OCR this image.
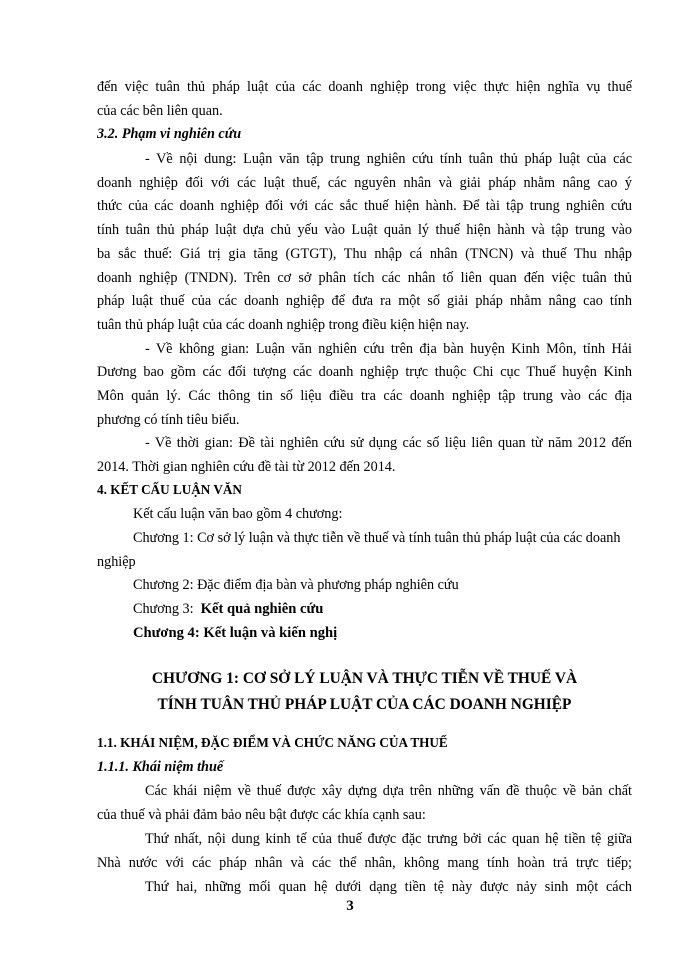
đến việc tuân thủ pháp luật của các doanh nghiệp trong việc thực hiện nghĩa vụ thuế

của các bên liên quan.

3.2. Phạm vi nghiên cứu

- Về nội dung: Luận văn tập trung nghiên cứu tính tuân thủ pháp luật của các

doanh nghiệp đối với các luật thuế, các nguyên nhân và giải pháp nhằm nâng cao ý

thức của các doanh nghiệp đối với các sắc thuế hiện hành. Để tài tập trung nghiên cứu

tính tuân thủ pháp luật dựa chủ yếu vào Luật quản lý thuế hiện hành và tập trung vào

ba sắc thuế: Giá trị gia tăng (GTGT), Thu nhập cá nhân (TNCN) và thuế Thu nhập

doanh nghiệp (TNDN). Trên cơ sở phân tích các nhân tố liên quan đến việc tuân thủ

pháp luật thuế của các doanh nghiệp để đưa ra một số giải pháp nhằm nâng cao tính

tuân thủ pháp luật của các doanh nghiệp trong điều kiện hiện nay.

- Về không gian: Luận văn nghiên cứu trên địa bàn huyện Kinh Môn, tỉnh Hải

Dương bao gồm các đối tượng các doanh nghiệp trực thuộc Chi cục Thuế huyện Kinh

Môn quản lý. Các thông tin số liệu điều tra các doanh nghiệp tập trung vào các địa

phương có tính tiêu biểu.

- Về thời gian: Đề tài nghiên cứu sử dụng các số liệu liên quan từ năm 2012 đến

2014. Thời gian nghiên cứu đề tài từ 2012 đến 2014.

4. KẾT CẤU LUẬN VĂN

Kết cấu luận văn bao gồm 4 chương:

Chương 1: Cơ sở lý luận và thực tiễn về thuế và tính tuân thủ pháp luật của các doanh

nghiệp

Chương 2: Đặc điểm địa bàn và phương pháp nghiên cứu

Chương 3: Kết quả nghiên cứu

Chương 4: Kết luận và kiến nghị

CHƯƠNG 1: CƠ SỞ LÝ LUẬN VÀ THỰC TIỄN VỀ THUẾ VÀ

TÍNH TUÂN THỦ PHÁP LUẬT CỦA CÁC DOANH NGHIỆP

1.1. KHÁI NIỆM, ĐẶC ĐIỂM VÀ CHỨC NĂNG CỦA THUẾ

1.1.1. Khái niệm thuế

Các khái niệm về thuế được xây dựng dựa trên những vấn đề thuộc về bản chất

của thuế và phải đảm bảo nêu bật được các khía cạnh sau:

Thứ nhất, nội dung kinh tế của thuế được đặc trưng bởi các quan hệ tiền tệ giữa

Nhà nước với các pháp nhân và các thể nhân, không mang tính hoàn trả trực tiếp;

Thứ hai, những mối quan hệ dưới dạng tiền tệ này được nảy sinh một cách

3
